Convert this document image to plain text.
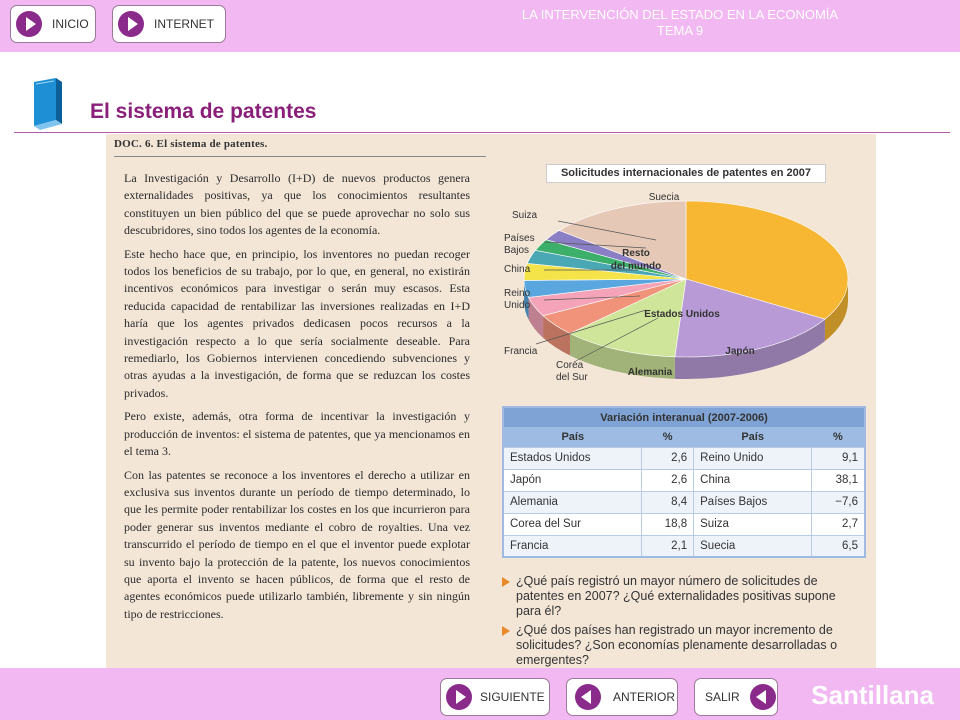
INICIO	INTERNET
LA INTERVENCIÓN DEL ESTADO EN LA ECONOMÍA
TEMA 9
El sistema de patentes
DOC. 6. El sistema de patentes.

La Investigación y Desarrollo (I+D) de nuevos productos genera externalidades positivas, ya que los conocimientos resultantes constituyen un bien público del que se puede aprovechar no solo sus descubridores, sino todos los agentes de la economía.

Este hecho hace que, en principio, los inventores no puedan recoger todos los beneficios de su trabajo, por lo que, en general, no existirán incentivos económicos para investigar o serán muy escasos. Esta reducida capacidad de rentabilizar las inversiones realizadas en I+D haría que los agentes privados dedicasen pocos recursos a la investigación respecto a lo que sería socialmente deseable. Para remediarlo, los Gobiernos intervienen concediendo subvenciones y otras ayudas a la investigación, de forma que se reduzcan los costes privados.

Pero existe, además, otra forma de incentivar la investigación y producción de inventos: el sistema de patentes, que ya mencionamos en el tema 3.

Con las patentes se reconoce a los inventores el derecho a utilizar en exclusiva sus inventos durante un período de tiempo determinado, lo que les permite poder rentabilizar los costes en los que incurrieron para poder generar sus inventos mediante el cobro de royalties. Una vez transcurrido el período de tiempo en el que el inventor puede explotar su invento bajo la protección de la patente, los nuevos conocimientos que aporta el invento se hacen públicos, de forma que el resto de agentes económicos puede utilizarlo también, libremente y sin ningún tipo de restricciones.

Solicitudes internacionales de patentes en 2007
Estados Unidos
Japón
Alemania
Resto
del mundo
Suecia
Suiza
Países
Bajos
China
Reino
Unido
Francia
Corea
del Sur
Variación interanual (2007-2006)			
País	%	País	%
Estados Unidos	2,6	Reino Unido	9,1
Japón	2,6	China	38,1
Alemania	8,4	Países Bajos	−7,6
Corea del Sur	18,8	Suiza	2,7
Francia	2,1	Suecia	6,5
¿Qué país registró un mayor número de solicitudes de patentes en 2007? ¿Qué externalidades positivas supone para él?
¿Qué dos países han registrado un mayor incremento de solicitudes? ¿Son economías plenamente desarrolladas o emergentes?
SIGUIENTE	ANTERIOR SALIR	Santillana
